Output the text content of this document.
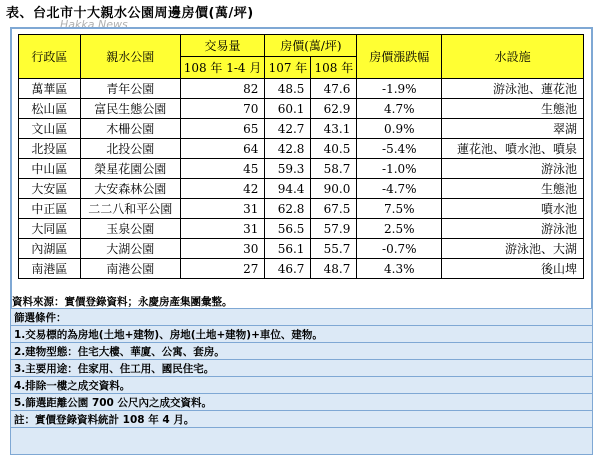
表、台北市十大親水公園周邊房價(萬/坪)
Hakka News
行政區	親水公園	交易量	房價(萬/坪)		房價漲跌幅	水設施
		108 年 1-4 月	107 年	108 年		
萬華區	青年公園	82	48.5	47.6	-1.9%	游泳池、蓮花池
松山區	富民生態公園	70	60.1	62.9	4.7%	生態池
文山區	木柵公園	65	42.7	43.1	0.9%	翠湖
北投區	北投公園	64	42.8	40.5	-5.4%	蓮花池、噴水池、噴泉
中山區	榮星花園公園	45	59.3	58.7	-1.0%	游泳池
大安區	大安森林公園	42	94.4	90.0	-4.7%	生態池
中正區	二二八和平公園	31	62.8	67.5	7.5%	噴水池
大同區	玉泉公園	31	56.5	57.9	2.5%	游泳池
內湖區	大湖公園	30	56.1	55.7	-0.7%	游泳池、大湖
南港區	南港公園	27	46.7	48.7	4.3%	後山埤
資料來源：實價登錄資料；永慶房產集團彙整。
篩選條件：
1.交易標的為房地(土地+建物)、房地(土地+建物)+車位、建物。
2.建物型態：住宅大樓、華廈、公寓、套房。
3.主要用途：住家用、住工用、國民住宅。
4.排除一樓之成交資料。
5.篩選距離公園 700 公尺內之成交資料。
註：實價登錄資料統計 108 年 4 月。
